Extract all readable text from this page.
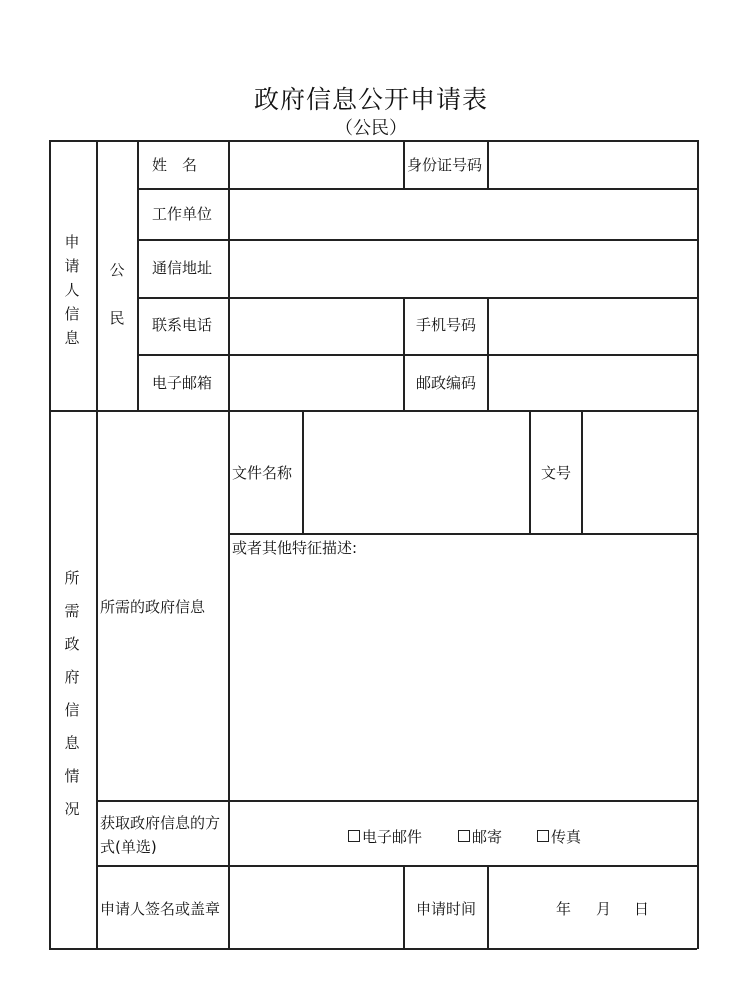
政府信息公开申请表
（公民）
申
请
人
信
息
公
民
姓　名	身份证号码
工作单位
通信地址
联系电话	手机号码
电子邮箱	邮政编码
所
需
政
府
信
息
情
况
所需的政府信息
文件名称	文号
或者其他特征描述:
获取政府信息的方
式(单选)
电子邮件	邮寄	传真
申请人签名或盖章	申请时间	年 月 日
